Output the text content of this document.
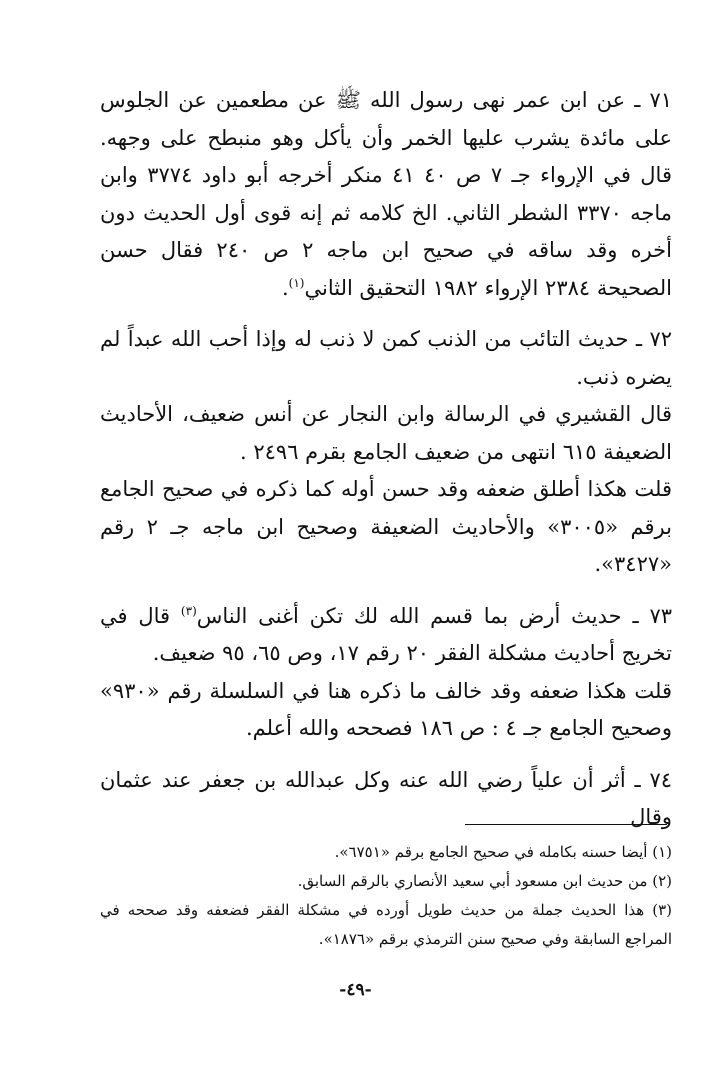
٧١ ـ عن ابن عمر نهى رسول الله ﷺ عن مطعمين عن الجلوس على مائدة يشرب عليها الخمر وأن يأكل وهو منبطح على وجهه. قال في الإرواء جـ ٧ ص ٤٠ ٤١ منكر أخرجه أبو داود ٣٧٧٤ وابن ماجه ٣٣٧٠ الشطر الثاني. الخ كلامه ثم إنه قوى أول الحديث دون أخره وقد ساقه في صحيح ابن ماجه ٢ ص ٢٤٠ فقال حسن الصحيحة ٢٣٨٤ الإرواء ١٩٨٢ التحقيق الثاني$^{(١)}$.

٧٢ ـ حديث التائب من الذنب كمن لا ذنب له وإذا أحب الله عبداً لم يضره ذنب.

قال القشيري في الرسالة وابن النجار عن أنس ضعيف، الأحاديث الضعيفة ٦١٥ انتهى من ضعيف الجامع بقرم ٢٤٩٦ .

قلت هكذا أطلق ضعفه وقد حسن أوله كما ذكره في صحيح الجامع برقم «٣٠٠٥» والأحاديث الضعيفة وصحيح ابن ماجه جـ ٢ رقم «٣٤٢٧».

٧٣ ـ حديث أرض بما قسم الله لك تكن أغنى الناس$^{(٣)}$ قال في تخريج أحاديث مشكلة الفقر ٢٠ رقم ١٧، وص ٦٥، ٩٥ ضعيف.

قلت هكذا ضعفه وقد خالف ما ذكره هنا في السلسلة رقم «٩٣٠» وصحيح الجامع جـ ٤ : ص ١٨٦ فصححه والله أعلم.

٧٤ ـ أثر أن علياً رضي الله عنه وكل عبدالله بن جعفر عند عثمان وقال

(١) أيضا حسنه بكامله في صحيح الجامع برقم «٦٧٥١».

(٢) من حديث ابن مسعود أبي سعيد الأنصاري بالرقم السابق.

(٣) هذا الحديث جملة من حديث طويل أورده في مشكلة الفقر فضعفه وقد صححه في المراجع السابقة وفي صحيح سنن الترمذي برقم «١٨٧٦».

-٤٩-
